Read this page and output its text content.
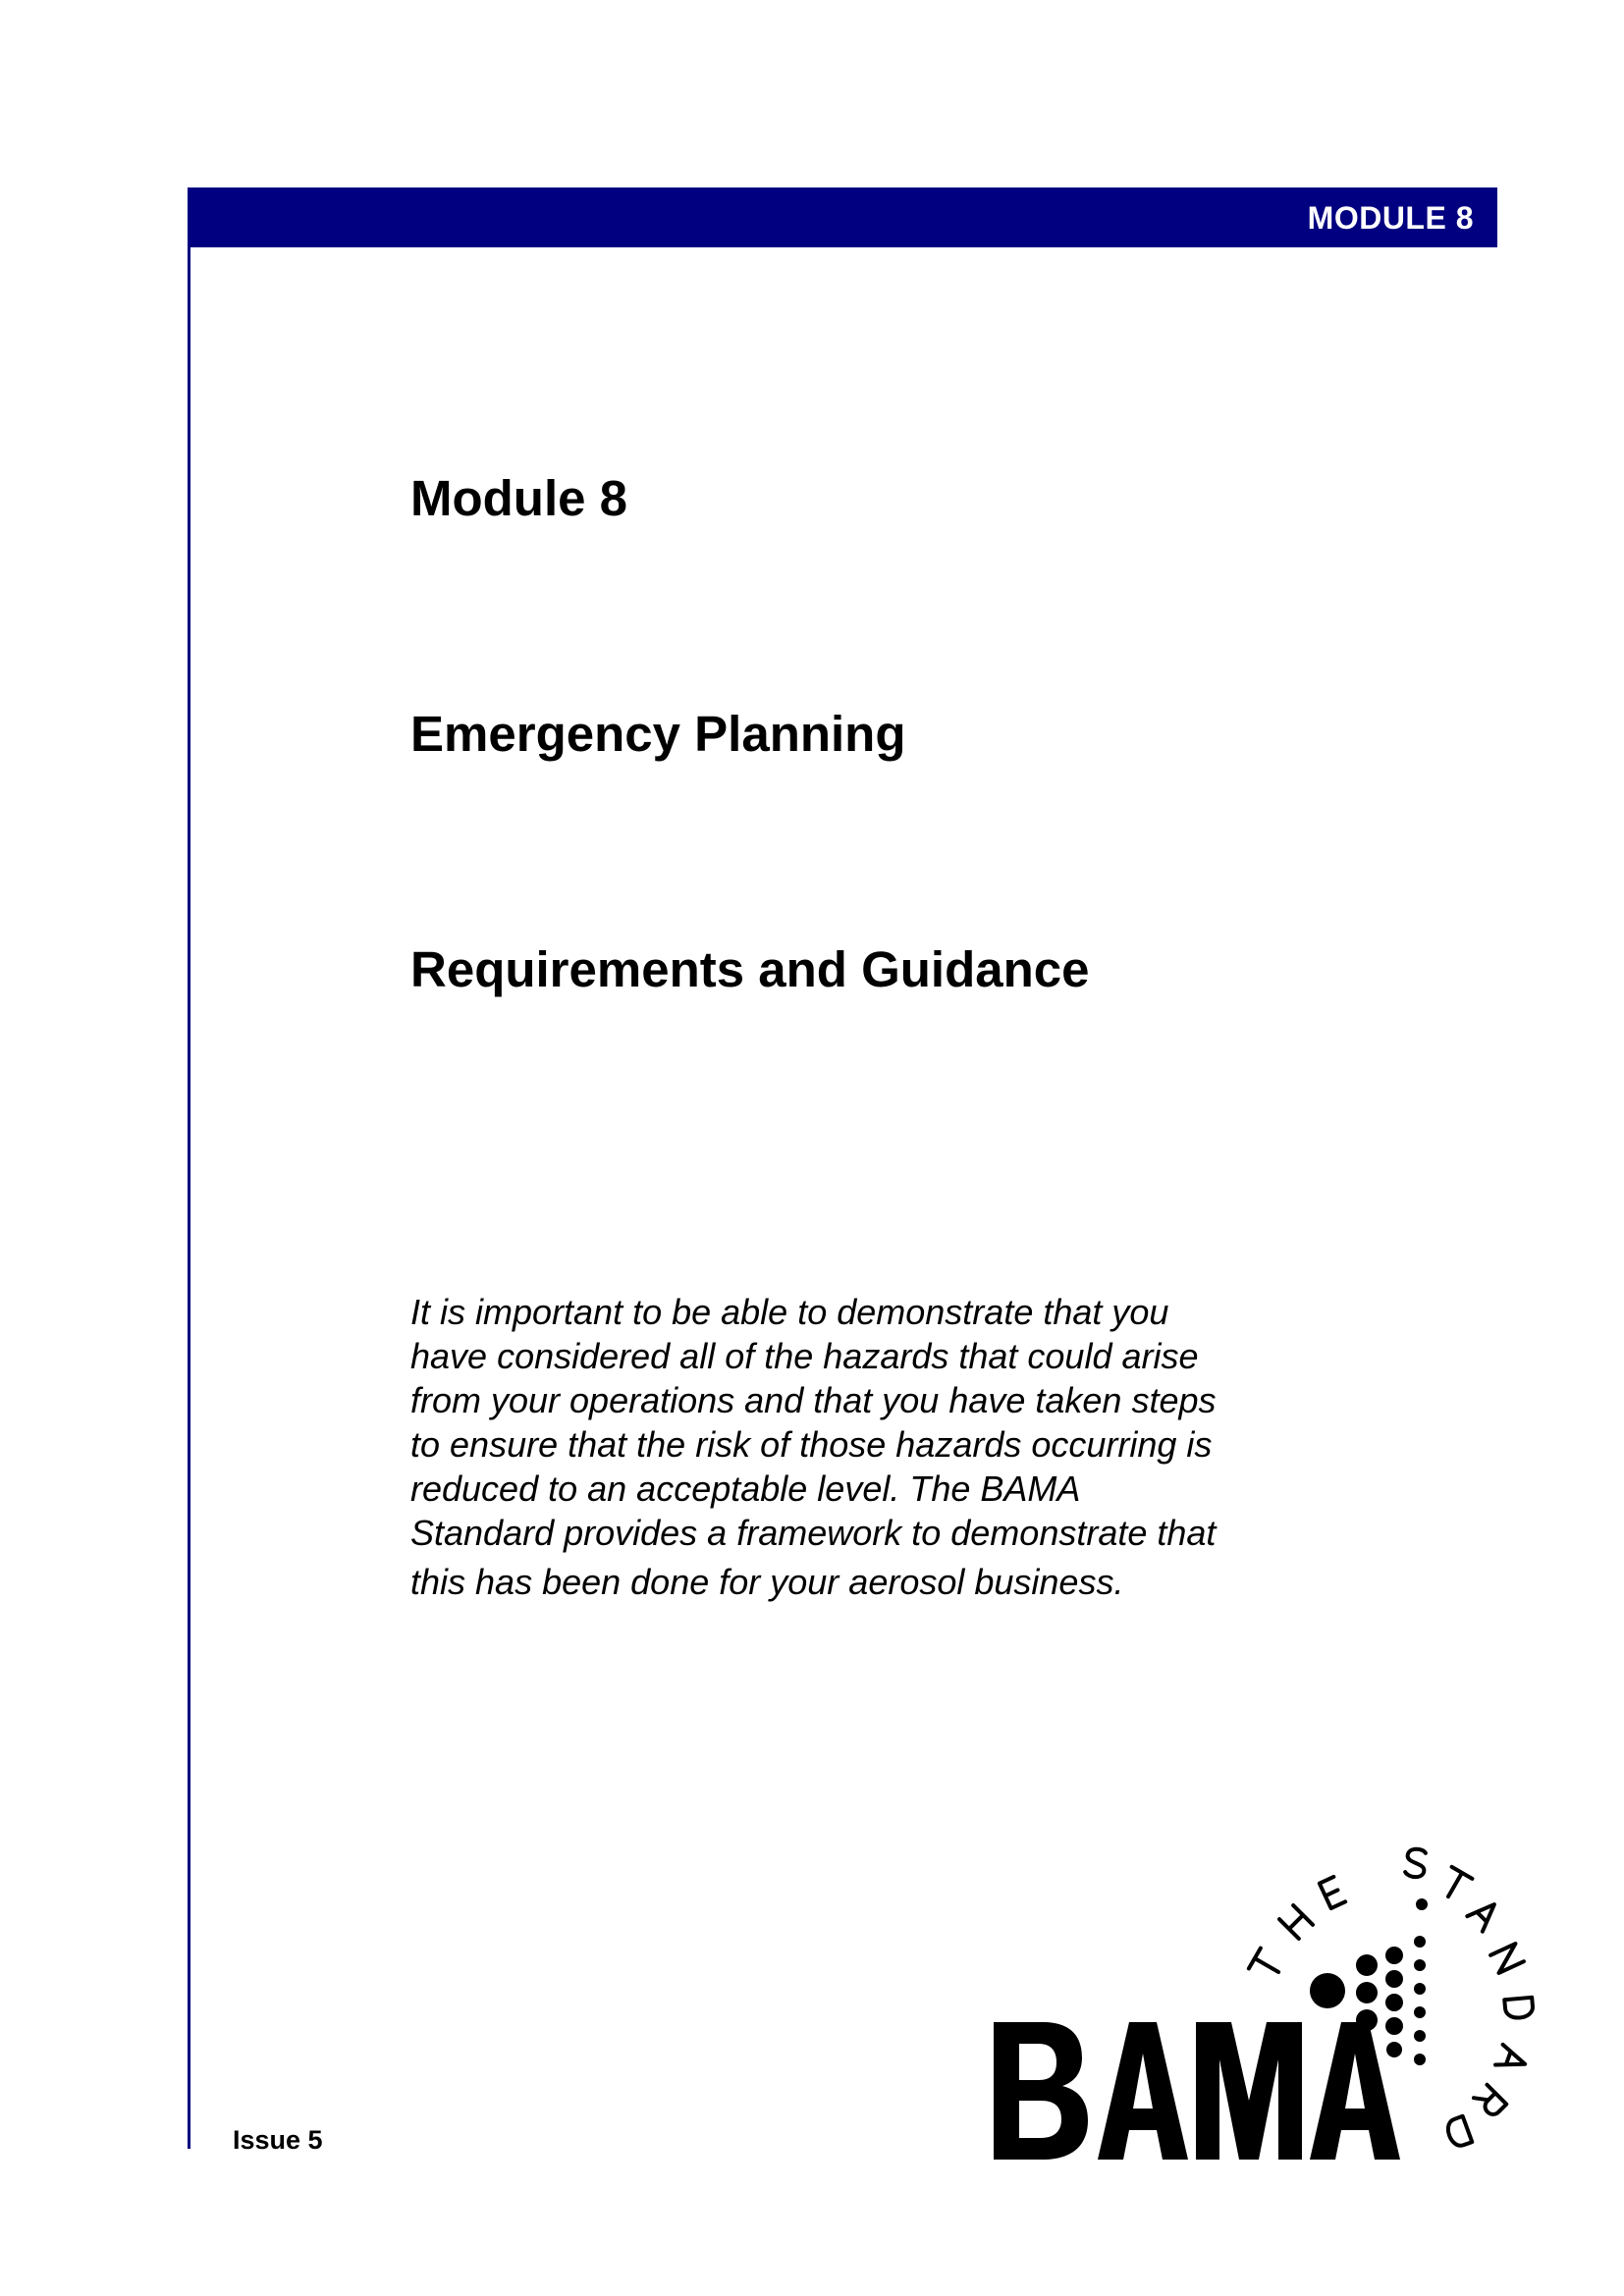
MODULE 8
Module 8
Emergency Planning
Requirements and Guidance
It is important to be able to demonstrate that you
have considered all of the hazards that could arise
from your operations and that you have taken steps
to ensure that the risk of those hazards occurring is
reduced to an acceptable level. The BAMA
Standard provides a framework to demonstrate that
this has been done for your aerosol business.
Issue 5
